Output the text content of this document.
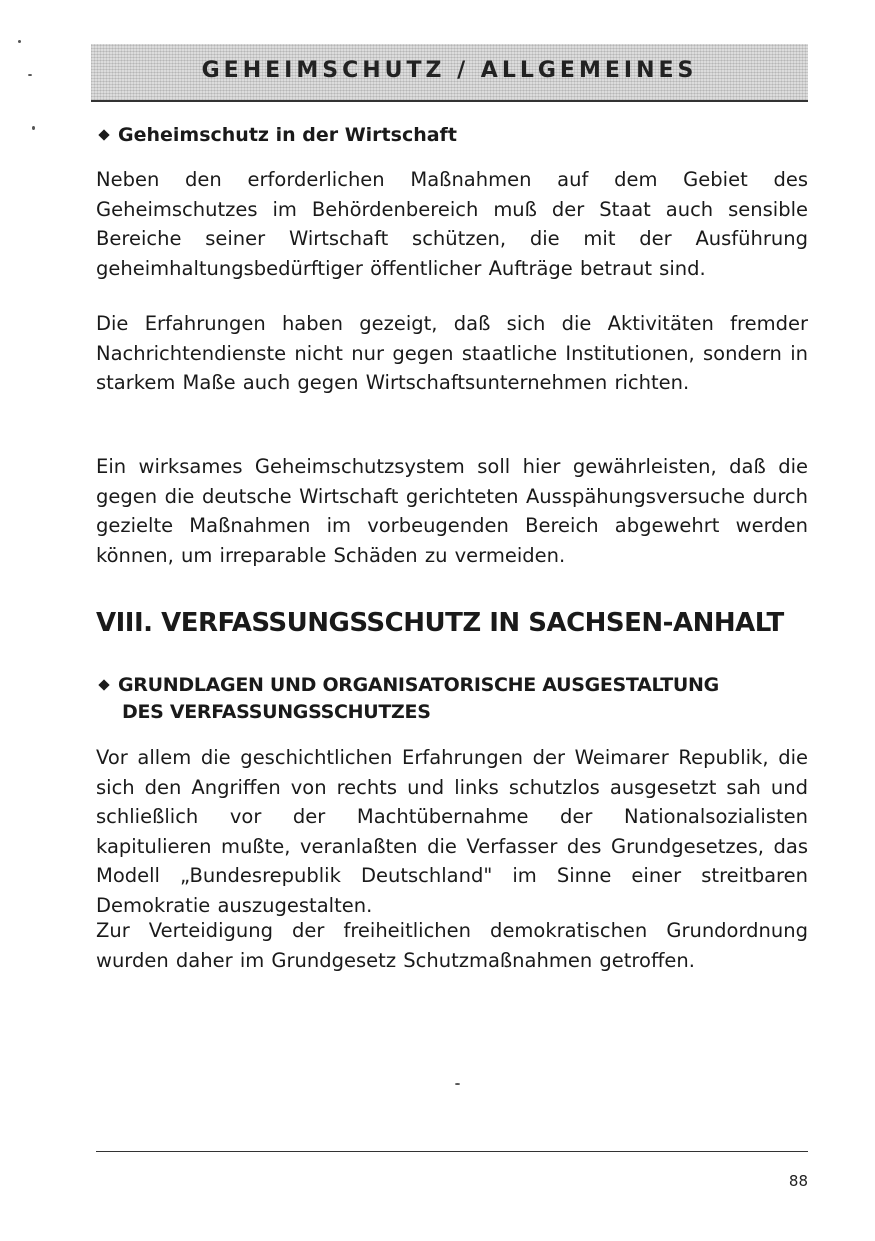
GEHEIMSCHUTZ / ALLGEMEINES
Geheimschutz in der Wirtschaft
Neben den erforderlichen Maßnahmen auf dem Gebiet des Geheimschutzes im Behördenbereich muß der Staat auch sensible Bereiche seiner Wirtschaft schützen, die mit der Ausführung geheimhaltungsbedürftiger öffentlicher Aufträge betraut sind.
Die Erfahrungen haben gezeigt, daß sich die Aktivitäten fremder Nachrichtendienste nicht nur gegen staatliche Institutionen, sondern in starkem Maße auch gegen Wirtschaftsunternehmen richten.
Ein wirksames Geheimschutzsystem soll hier gewährleisten, daß die gegen die deutsche Wirtschaft gerichteten Ausspähungsversuche durch gezielte Maßnahmen im vorbeugenden Bereich abgewehrt werden können, um irreparable Schäden zu vermeiden.
VIII. VERFASSUNGSSCHUTZ IN SACHSEN-ANHALT
GRUNDLAGEN UND ORGANISATORISCHE AUSGESTALTUNG
DES VERFASSUNGSSCHUTZES
Vor allem die geschichtlichen Erfahrungen der Weimarer Republik, die sich den Angriffen von rechts und links schutzlos ausgesetzt sah und schließlich vor der Machtübernahme der Nationalsozialisten kapitulieren mußte, veranlaßten die Verfasser des Grundgesetzes, das Modell „Bundesrepublik Deutschland" im Sinne einer streitbaren Demokratie auszugestalten.
Zur Verteidigung der freiheitlichen demokratischen Grundordnung wurden daher im Grundgesetz Schutzmaßnahmen getroffen.
88
